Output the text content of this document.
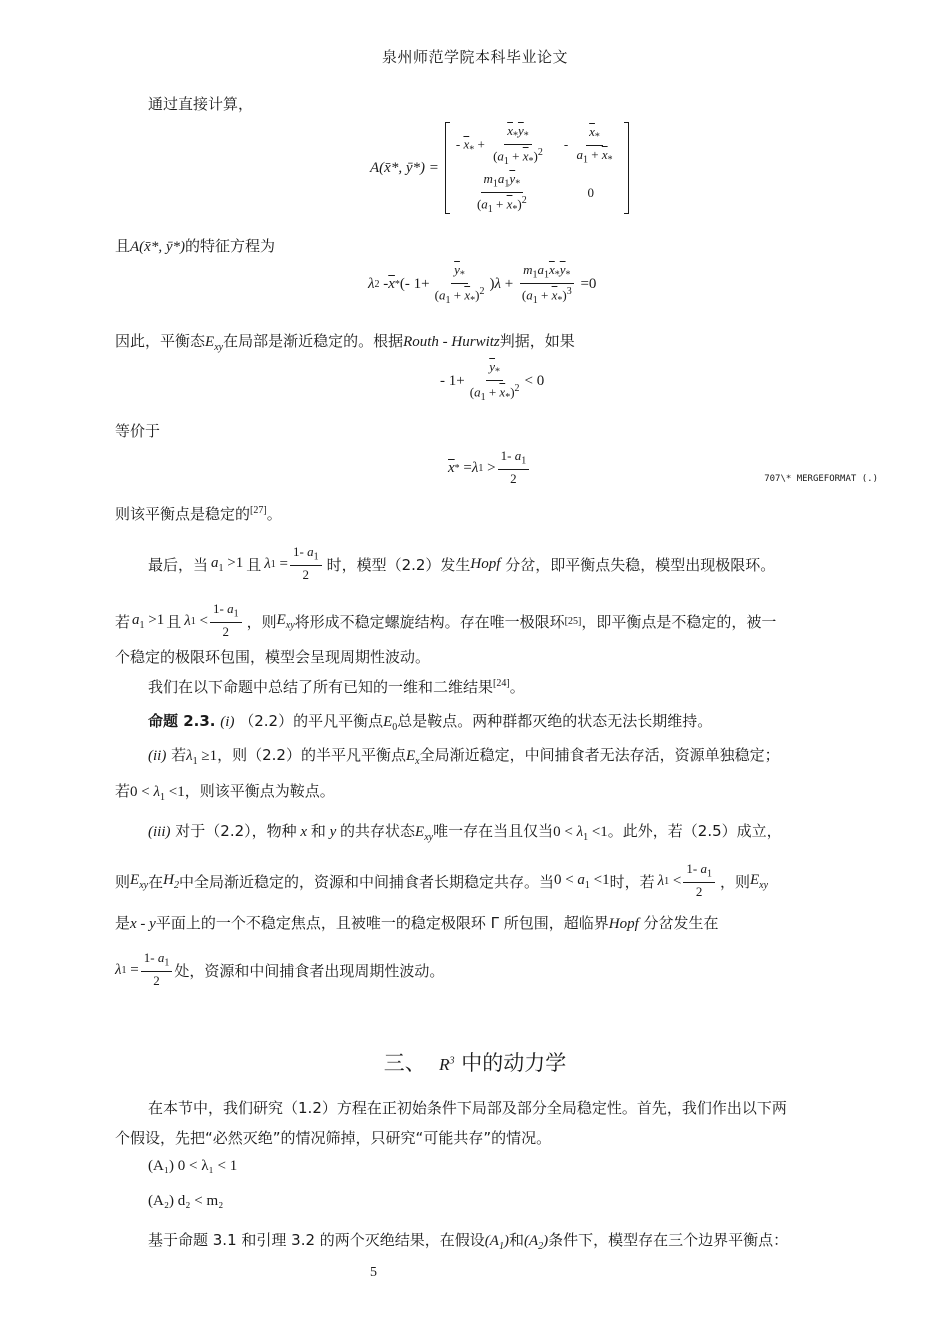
泉州师范学院本科毕业论文
通过直接计算，
A(x̄*, ȳ*) =
- $\overline{x}_* + \frac{\overline{x}_*\overline{y}_*}{(a_1 + \overline{x}_*)^2} - \frac{\overline{x}_*}{a_1 + \overline{x}_*}$
$\frac{m_1a_1\overline{y}_*}{(a_1 + \overline{x}_*)^2}$	0
且A(x̄*, ȳ*)的特征方程为
λ $2 - \overline{x}$ * (- $1+ \frac{\overline{y}_*}{(a_1 + \overline{x}_*)^2}$ ) $\lambda + \frac{m_1a_1\overline{x}_*\overline{y}_*}{(a_1 + \overline{x}_*)^3} =0$
因此，平衡态$E_{xy}$在局部是渐近稳定的。根据Routh - Hurwitz判据，如果
- $1+ \frac{\overline{y}_*}{(a_1 + \overline{x}_*)^2} < 0$
等价于
$\overline{x}$ * = λ $1 > \frac{1- a_1}{2}$	707\* MERGEFORMAT (.)
则该平衡点是稳定的[27]。
最后，当 $a_1 >1$ 且 λ $1 = \frac{1- a_1}{2}$ 时，模型（2.2）发生 Hopf
分岔，即平衡点失稳，模型出现极限环。
若 $a_1 >1$ 且 λ $1 < \frac{1- a_1}{2}$ ，则 $E_{xy}$ 将形成不稳定螺旋结构。存在唯一极限环 [25] ，即平衡点是不稳定的，被一
个稳定的极限环包围，模型会呈现周期性波动。
我们在以下命题中总结了所有已知的一维和二维结果[24]。
命题 2.3. (i) （2.2）的平凡平衡点$E_0$总是鞍点。两种群都灭绝的状态无法长期维持。
(ii) 若$\lambda_1 \ge 1$，则（2.2）的半平凡平衡点$E_x$全局渐近稳定，中间捕食者无法存活，资源单独稳定；
若$0 < \lambda_1 <1$，则该平衡点为鞍点。
(iii) 对于（2.2），物种 x 和 y 的共存状态$E_{xy}$唯一存在当且仅当$0 < \lambda_1 <1$。此外，若（2.5）成立，
则 $E_{xy}$ 在 $H_2$ 中全局渐近稳定的，资源和中间捕食者长期稳定共存。当 $0 < a_1 <1$ 时，若 λ $1 < \frac{1- a_1}{2}$ ，则 $E_{xy}$
是x - y平面上的一个不稳定焦点，且被唯一的稳定极限环 Γ 所包围，超临界Hopf 分岔发生在
λ $1 = \frac{1- a_1}{2}$ 处，资源和中间捕食者出现周期性波动。
三、 $R^3$ 中的动力学
在本节中，我们研究（1.2）方程在正初始条件下局部及部分全局稳定性。首先，我们作出以下两
个假设，先把“必然灭绝”的情况筛掉，只研究“可能共存”的情况。
(A₁) 0 < λ₁ < 1
(A₂) d₂ < m₂
基于命题 3.1 和引理 3.2 的两个灭绝结果，在假设$(A_1)$和$(A_2)$条件下，模型存在三个边界平衡点：
5
